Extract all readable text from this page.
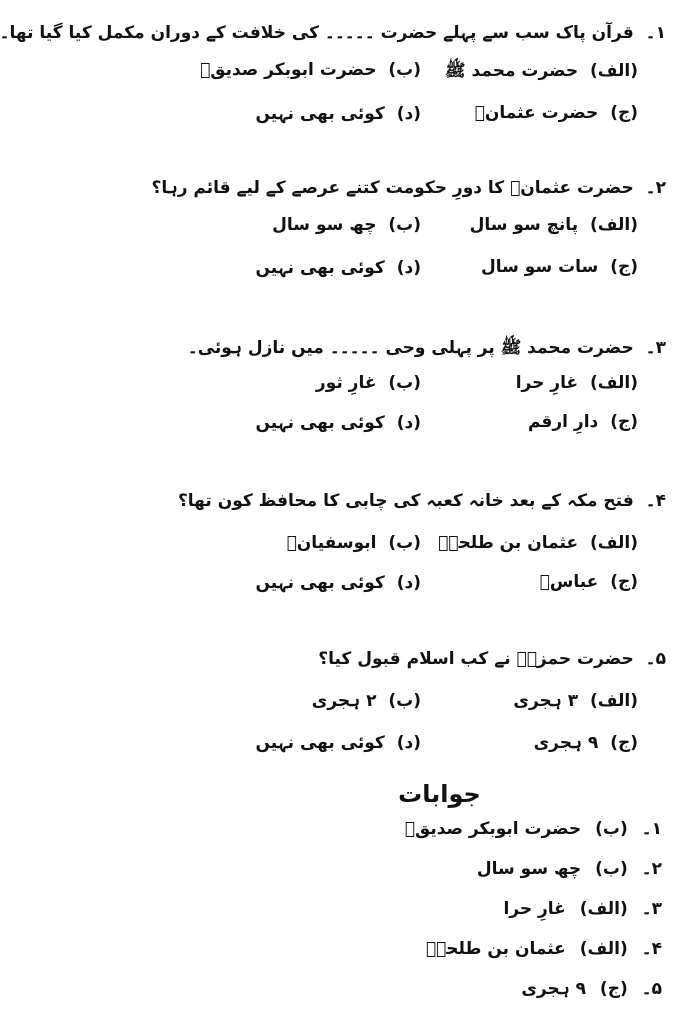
۱۔ قرآن پاک سب سے پہلے حضرت ۔۔۔۔۔ کی خلافت کے دوران مکمل کیا گیا تھا۔
(الف) حضرت محمد ﷺ
(ب) حضرت ابوبکر صدیقؓ
(ج) حضرت عثمانؓ
(د) کوئی بھی نہیں
۲۔ حضرت عثمانؓ کا دورِ حکومت کتنے عرصے کے لیے قائم رہا؟
(الف) پانچ سو سال
(ب) چھ سو سال
(ج) سات سو سال
(د) کوئی بھی نہیں
۳۔ حضرت محمد ﷺ پر پہلی وحی ۔۔۔۔۔ میں نازل ہوئی۔
(الف) غارِ حرا
(ب) غارِ ثور
(ج) دارِ ارقم
(د) کوئی بھی نہیں
۴۔ فتح مکہ کے بعد خانہ کعبہ کی چابی کا محافظ کون تھا؟
(الف) عثمان بن طلحہؓ
(ب) ابوسفیانؓ
(ج) عباسؓ
(د) کوئی بھی نہیں
۵۔ حضرت حمزہؓ نے کب اسلام قبول کیا؟
(الف) ۳ ہجری
(ب) ۲ ہجری
(ج) ۹ ہجری
(د) کوئی بھی نہیں
جوابات
۱۔ (ب) حضرت ابوبکر صدیقؓ
۲۔ (ب) چھ سو سال
۳۔ (الف) غارِ حرا
۴۔ (الف) عثمان بن طلحہؓ
۵۔ (ج) ۹ ہجری
